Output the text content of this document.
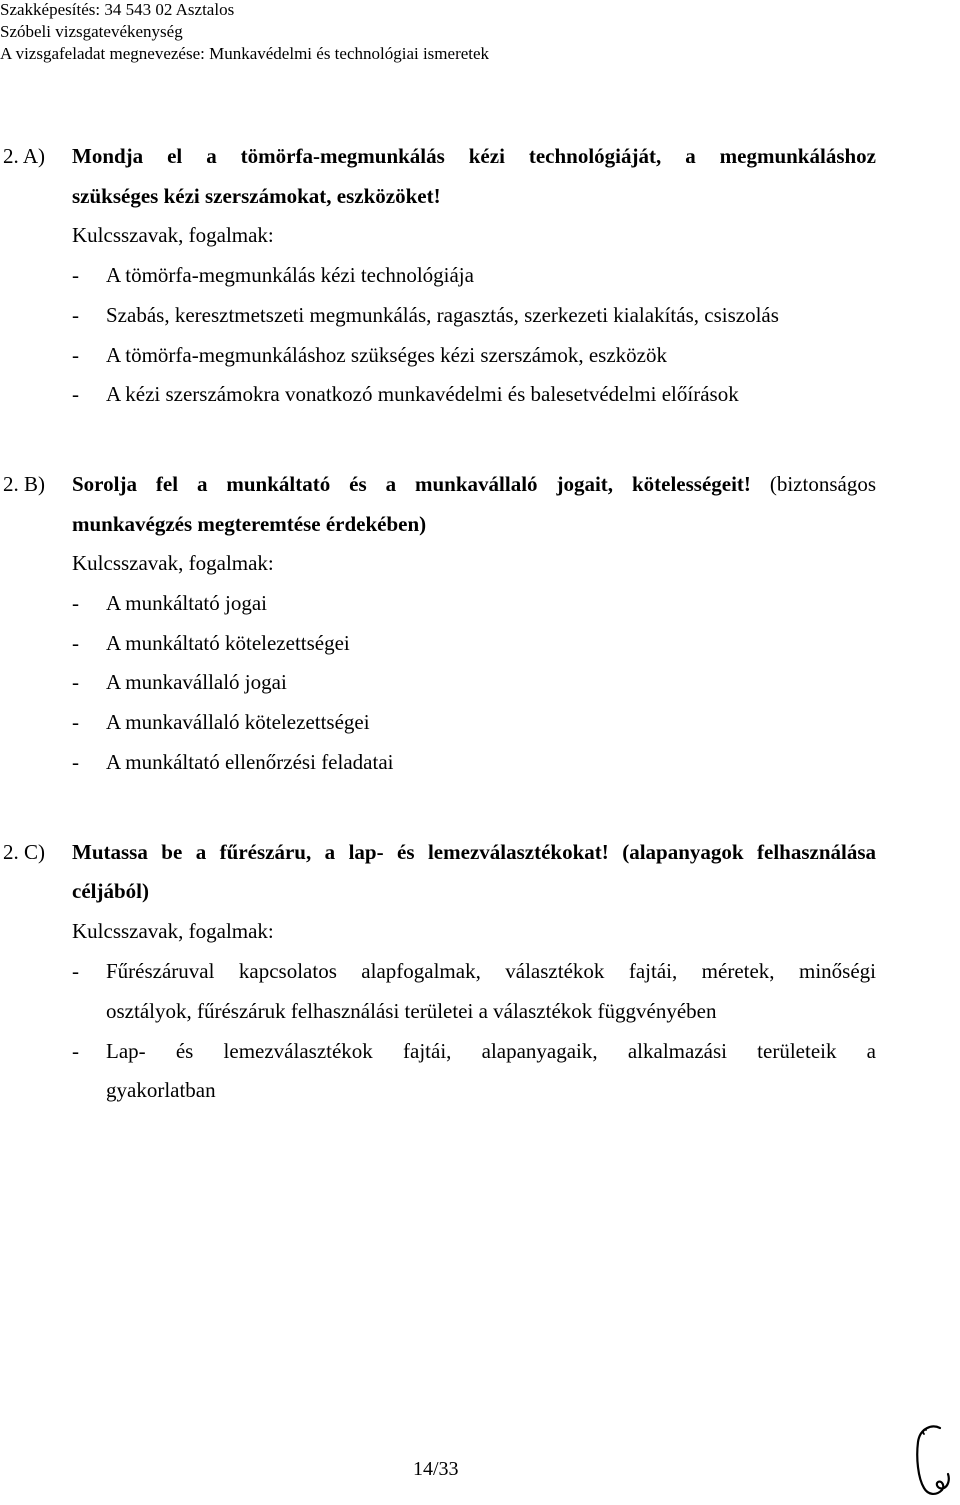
Szakképesítés: 34 543 02 Asztalos
Szóbeli vizsgatevékenység
A vizsgafeladat megnevezése: Munkavédelmi és technológiai ismeretek
2. A) Mondja el a tömörfa-megmunkálás kézi technológiáját, a megmunkáláshoz
szükséges kézi szerszámokat, eszközöket!
Kulcsszavak, fogalmak:
- A tömörfa-megmunkálás kézi technológiája
- Szabás, keresztmetszeti megmunkálás, ragasztás, szerkezeti kialakítás, csiszolás
- A tömörfa-megmunkáláshoz szükséges kézi szerszámok, eszközök
- A kézi szerszámokra vonatkozó munkavédelmi és balesetvédelmi előírások
2. B) Sorolja fel a munkáltató és a munkavállaló jogait, kötelességeit! (biztonságos
munkavégzés megteremtése érdekében)
Kulcsszavak, fogalmak:
- A munkáltató jogai
- A munkáltató kötelezettségei
- A munkavállaló jogai
- A munkavállaló kötelezettségei
- A munkáltató ellenőrzési feladatai
2. C) Mutassa be a fűrészáru, a lap- és lemezválasztékokat! (alapanyagok felhasználása
céljából)
Kulcsszavak, fogalmak:
- Fűrészáruval kapcsolatos alapfogalmak, választékok fajtái, méretek, minőségi
osztályok, fűrészáruk felhasználási területei a választékok függvényében
- Lap- és lemezválasztékok fajtái, alapanyagaik, alkalmazási területeik a
gyakorlatban
14/33
